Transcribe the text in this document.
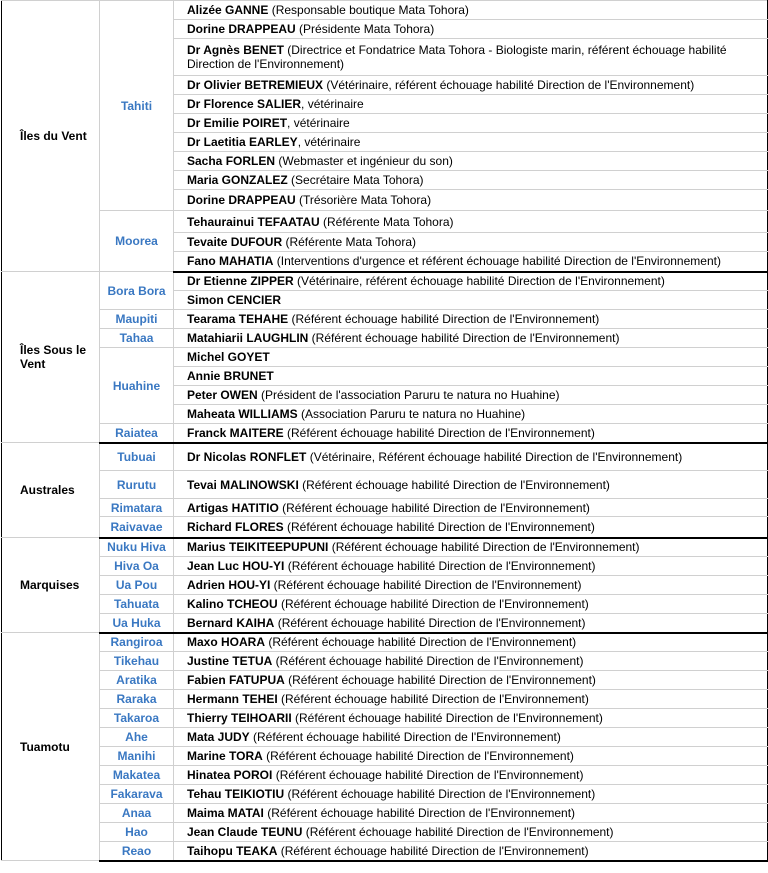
Îles du Vent	Tahiti	Alizée GANNE (Responsable boutique Mata Tohora)
		Dorine DRAPPEAU (Présidente Mata Tohora)
		Dr Agnès BENET (Directrice et Fondatrice Mata Tohora - Biologiste marin, référent échouage habilité Direction de l'Environnement)
		Dr Olivier BETREMIEUX (Vétérinaire, référent échouage habilité Direction de l'Environnement)
		Dr Florence SALIER, vétérinaire
		Dr Emilie POIRET, vétérinaire
		Dr Laetitia EARLEY, vétérinaire
		Sacha FORLEN (Webmaster et ingénieur du son)
		Maria GONZALEZ (Secrétaire Mata Tohora)
		Dorine DRAPPEAU (Trésorière Mata Tohora)
	Moorea	Tehaurainui TEFAATAU (Référente Mata Tohora)
		Tevaite DUFOUR (Référente Mata Tohora)
		Fano MAHATIA (Interventions d'urgence et référent échouage habilité Direction de l'Environnement)
Îles Sous le Vent	Bora Bora	Dr Etienne ZIPPER (Vétérinaire, référent échouage habilité Direction de l'Environnement)
		Simon CENCIER
	Maupiti	Tearama TEHAHE (Référent échouage habilité Direction de l'Environnement)
	Tahaa	Matahiarii LAUGHLIN (Référent échouage habilité Direction de l'Environnement)
	Huahine	Michel GOYET
		Annie BRUNET
		Peter OWEN (Président de l'association Paruru te natura no Huahine)
		Maheata WILLIAMS (Association Paruru te natura no Huahine)
	Raiatea	Franck MAITERE (Référent échouage habilité Direction de l'Environnement)
Australes	Tubuai	Dr Nicolas RONFLET (Vétérinaire, Référent échouage habilité Direction de l'Environnement)
	Rurutu	Tevai MALINOWSKI (Référent échouage habilité Direction de l'Environnement)
	Rimatara	Artigas HATITIO (Référent échouage habilité Direction de l'Environnement)
	Raivavae	Richard FLORES (Référent échouage habilité Direction de l'Environnement)
Marquises	Nuku Hiva	Marius TEIKITEEPUPUNI (Référent échouage habilité Direction de l'Environnement)
	Hiva Oa	Jean Luc HOU-YI (Référent échouage habilité Direction de l'Environnement)
	Ua Pou	Adrien HOU-YI (Référent échouage habilité Direction de l'Environnement)
	Tahuata	Kalino TCHEOU (Référent échouage habilité Direction de l'Environnement)
	Ua Huka	Bernard KAIHA (Référent échouage habilité Direction de l'Environnement)
Tuamotu	Rangiroa	Maxo HOARA (Référent échouage habilité Direction de l'Environnement)
	Tikehau	Justine TETUA (Référent échouage habilité Direction de l'Environnement)
	Aratika	Fabien FATUPUA (Référent échouage habilité Direction de l'Environnement)
	Raraka	Hermann TEHEI (Référent échouage habilité Direction de l'Environnement)
	Takaroa	Thierry TEIHOARII (Référent échouage habilité Direction de l'Environnement)
	Ahe	Mata JUDY (Référent échouage habilité Direction de l'Environnement)
	Manihi	Marine TORA (Référent échouage habilité Direction de l'Environnement)
	Makatea	Hinatea POROI (Référent échouage habilité Direction de l'Environnement)
	Fakarava	Tehau TEIKIOTIU (Référent échouage habilité Direction de l'Environnement)
	Anaa	Maima MATAI (Référent échouage habilité Direction de l'Environnement)
	Hao	Jean Claude TEUNU (Référent échouage habilité Direction de l'Environnement)
	Reao	Taihopu TEAKA (Référent échouage habilité Direction de l'Environnement)
